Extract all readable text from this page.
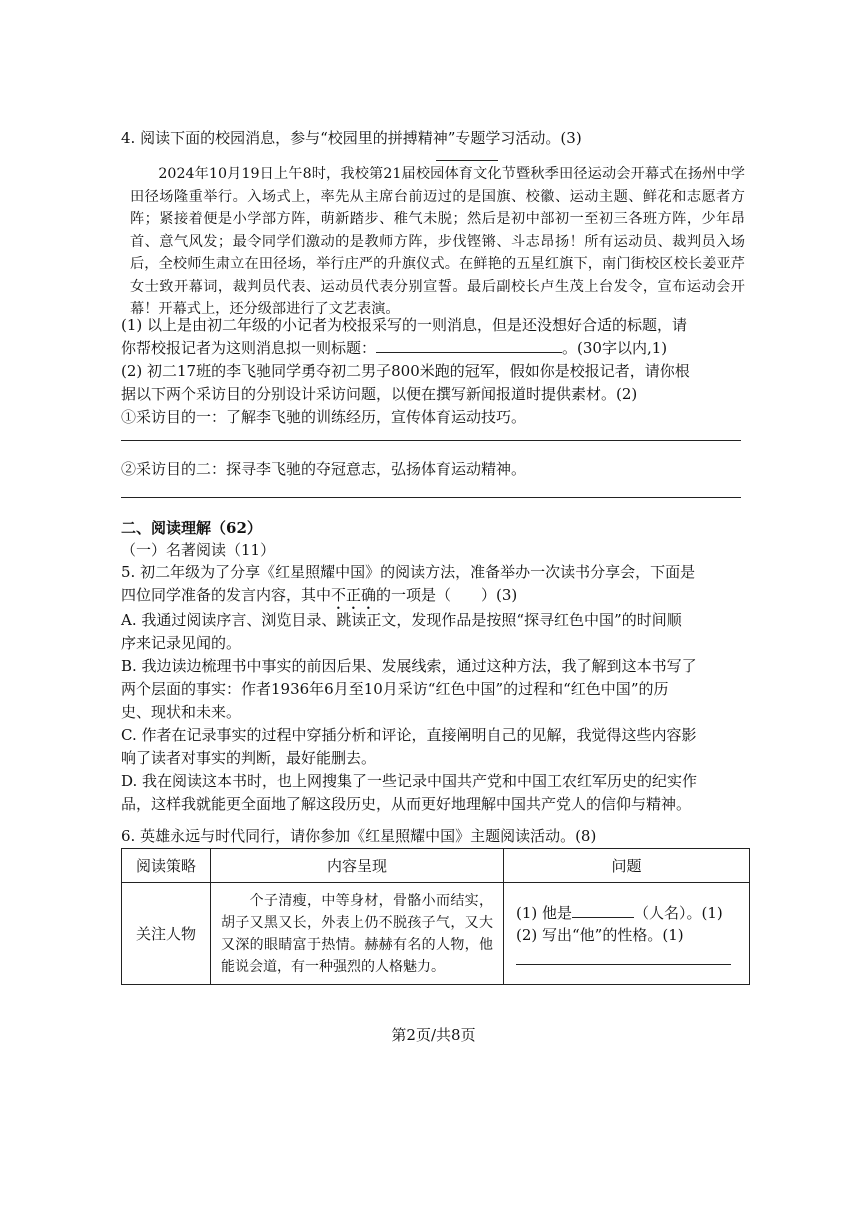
4. 阅读下面的校园消息，参与“校园里的拼搏精神”专题学习活动。(3)

2024年10月19日上午8时，我校第21届校园体育文化节暨秋季田径运动会开幕式在扬州中学田径场隆重举行。入场式上，率先从主席台前迈过的是国旗、校徽、运动主题、鲜花和志愿者方阵；紧接着便是小学部方阵，萌新踏步、稚气未脱；然后是初中部初一至初三各班方阵，少年昂首、意气风发；最令同学们激动的是教师方阵，步伐铿锵、斗志昂扬！所有运动员、裁判员入场后，全校师生肃立在田径场，举行庄严的升旗仪式。在鲜艳的五星红旗下，南门街校区校长姜亚芹女士致开幕词，裁判员代表、运动员代表分别宣誓。最后副校长卢生茂上台发令，宣布运动会开幕！开幕式上，还分级部进行了文艺表演。

(1) 以上是由初二年级的小记者为校报采写的一则消息，但是还没想好合适的标题，请
你帮校报记者为这则消息拟一则标题：	。(30字以内,1)
(2) 初二17班的李飞驰同学勇夺初二男子800米跑的冠军，假如你是校报记者，请你根
据以下两个采访目的分别设计采访问题，以便在撰写新闻报道时提供素材。(2)
①采访目的一：了解李飞驰的训练经历，宣传体育运动技巧。
②采访目的二：探寻李飞驰的夺冠意志，弘扬体育运动精神。
二、阅读理解（62）
（一）名著阅读（11）
5. 初二年级为了分享《红星照耀中国》的阅读方法，准备举办一次读书分享会，下面是
四位同学准备的发言内容，其中不正确的一项是（　　）(3)
A. 我通过阅读序言、浏览目录、跳读正文，发现作品是按照“探寻红色中国”的时间顺
序来记录见闻的。
B. 我边读边梳理书中事实的前因后果、发展线索，通过这种方法，我了解到这本书写了
两个层面的事实：作者1936年6月至10月采访“红色中国”的过程和“红色中国”的历
史、现状和未来。
C. 作者在记录事实的过程中穿插分析和评论，直接阐明自己的见解，我觉得这些内容影
响了读者对事实的判断，最好能删去。
D. 我在阅读这本书时，也上网搜集了一些记录中国共产党和中国工农红军历史的纪实作
品，这样我就能更全面地了解这段历史，从而更好地理解中国共产党人的信仰与精神。
6. 英雄永远与时代同行，请你参加《红星照耀中国》主题阅读活动。(8)
阅读策略	内容呈现	问题
关注人物	　　个子清瘦，中等身材，骨骼小而结实，胡子又黑又长，外表上仍不脱孩子气，又大又深的眼睛富于热情。赫赫有名的人物，他能说会道，有一种强烈的人格魅力。	(1) 他是 （人名）。(1)
(2) 写出“他”的性格。(1)
第2页/共8页
